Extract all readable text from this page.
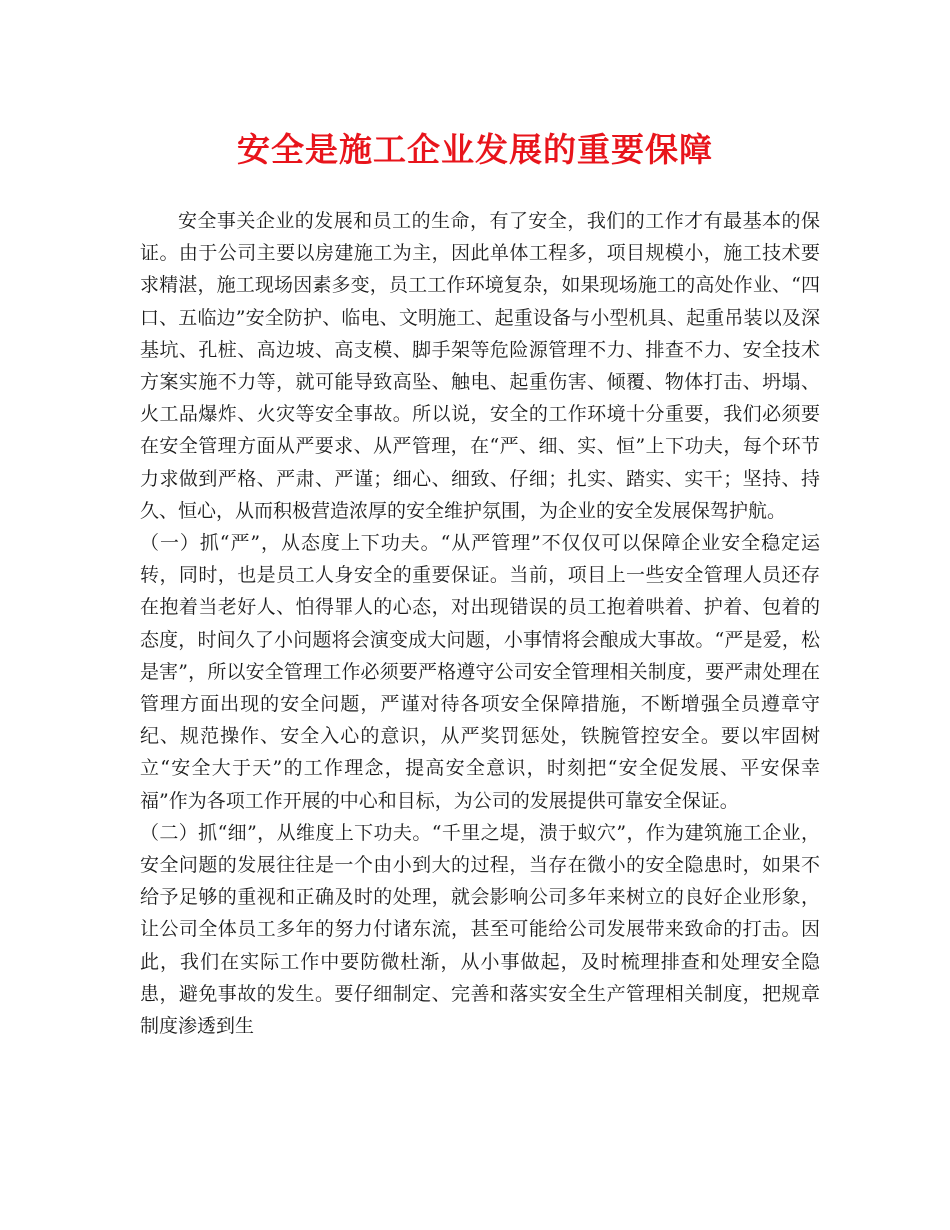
安全是施工企业发展的重要保障

安全事关企业的发展和员工的生命，有了安全，我们的工作才有最基本的保证。由于公司主要以房建施工为主，因此单体工程多，项目规模小，施工技术要求精湛，施工现场因素多变，员工工作环境复杂，如果现场施工的高处作业、“四口、五临边”安全防护、临电、文明施工、起重设备与小型机具、起重吊装以及深基坑、孔桩、高边坡、高支模、脚手架等危险源管理不力、排查不力、安全技术方案实施不力等，就可能导致高坠、触电、起重伤害、倾覆、物体打击、坍塌、火工品爆炸、火灾等安全事故。所以说，安全的工作环境十分重要，我们必须要在安全管理方面从严要求、从严管理，在“严、细、实、恒”上下功夫，每个环节力求做到严格、严肃、严谨；细心、细致、仔细；扎实、踏实、实干；坚持、持久、恒心，从而积极营造浓厚的安全维护氛围，为企业的安全发展保驾护航。

（一）抓“严”，从态度上下功夫。“从严管理”不仅仅可以保障企业安全稳定运转，同时，也是员工人身安全的重要保证。当前，项目上一些安全管理人员还存在抱着当老好人、怕得罪人的心态，对出现错误的员工抱着哄着、护着、包着的态度，时间久了小问题将会演变成大问题，小事情将会酿成大事故。“严是爱，松是害”，所以安全管理工作必须要严格遵守公司安全管理相关制度，要严肃处理在管理方面出现的安全问题，严谨对待各项安全保障措施，不断增强全员遵章守纪、规范操作、安全入心的意识，从严奖罚惩处，铁腕管控安全。要以牢固树立“安全大于天”的工作理念，提高安全意识，时刻把“安全促发展、平安保幸福”作为各项工作开展的中心和目标，为公司的发展提供可靠安全保证。

（二）抓“细”，从维度上下功夫。“千里之堤，溃于蚁穴”，作为建筑施工企业，安全问题的发展往往是一个由小到大的过程，当存在微小的安全隐患时，如果不给予足够的重视和正确及时的处理，就会影响公司多年来树立的良好企业形象，让公司全体员工多年的努力付诸东流，甚至可能给公司发展带来致命的打击。因此，我们在实际工作中要防微杜渐，从小事做起，及时梳理排查和处理安全隐患，避免事故的发生。要仔细制定、完善和落实安全生产管理相关制度，把规章制度渗透到生
